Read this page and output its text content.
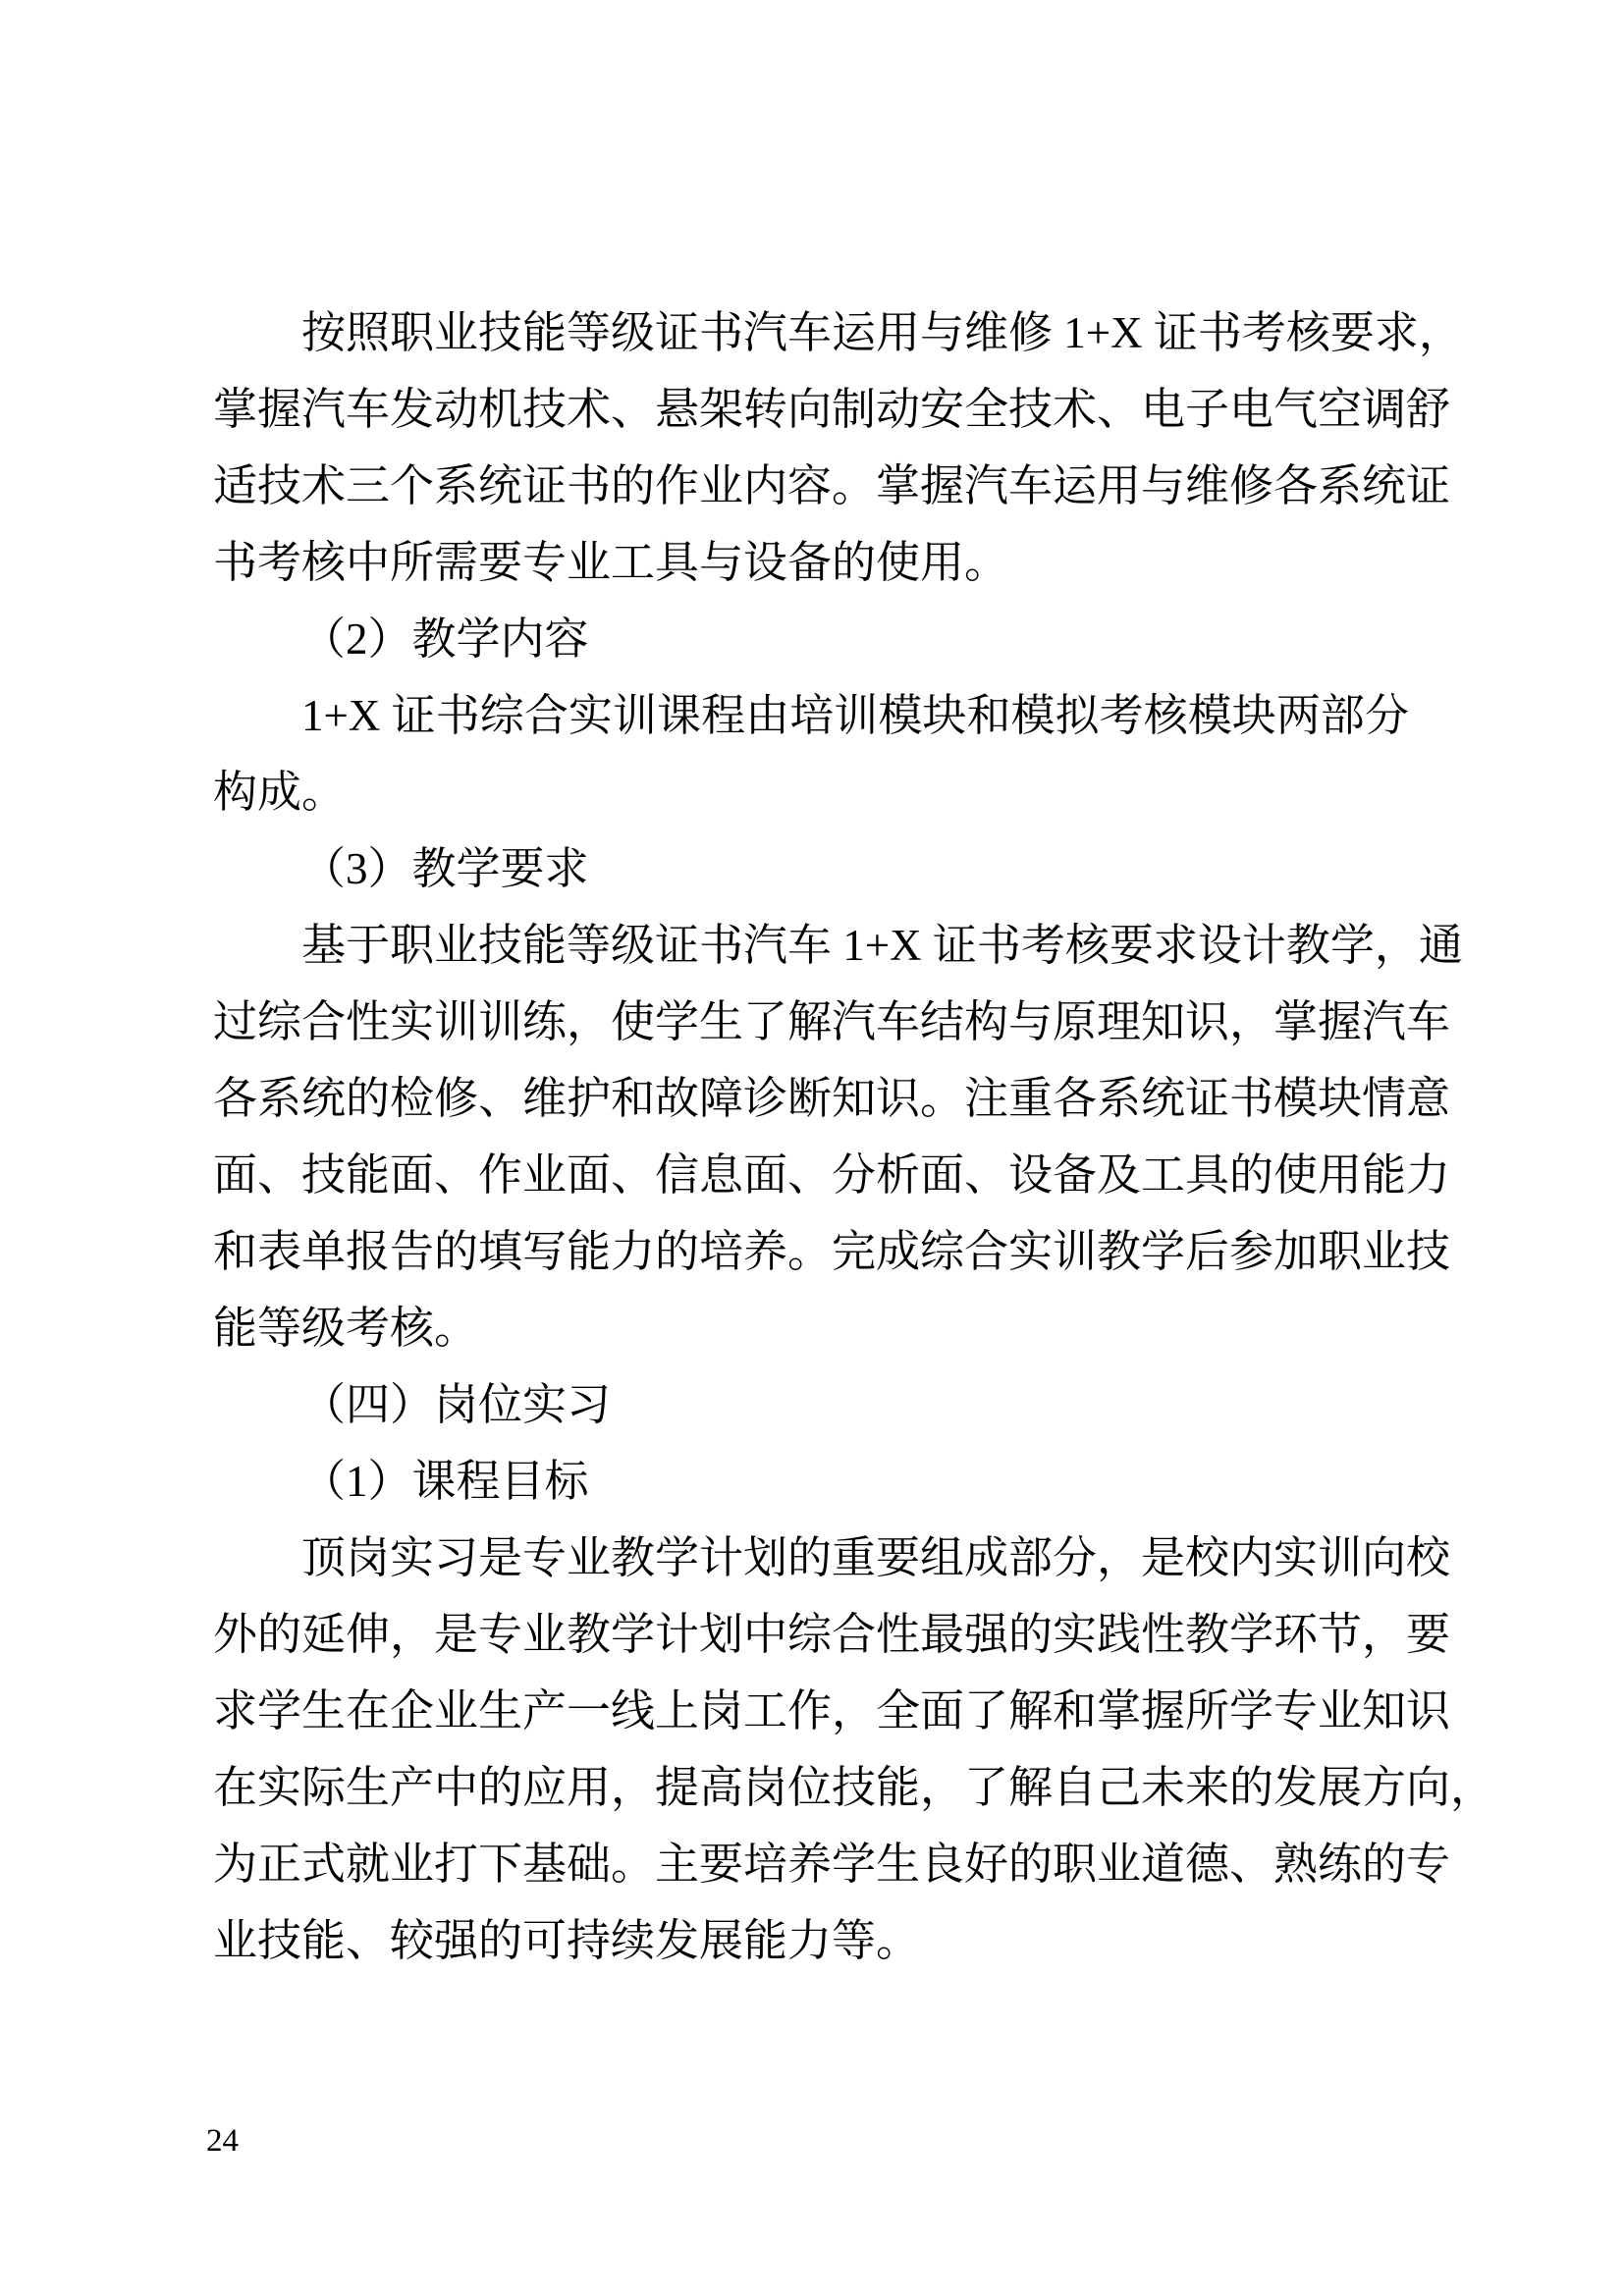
按照职业技能等级证书汽车运用与维修 1+X 证书考核要求，
掌握汽车发动机技术、悬架转向制动安全技术、电子电气空调舒
适技术三个系统证书的作业内容。掌握汽车运用与维修各系统证
书考核中所需要专业工具与设备的使用。
（2）教学内容
1+X 证书综合实训课程由培训模块和模拟考核模块两部分
构成。
（3）教学要求
基于职业技能等级证书汽车 1+X 证书考核要求设计教学，通
过综合性实训训练，使学生了解汽车结构与原理知识，掌握汽车
各系统的检修、维护和故障诊断知识。注重各系统证书模块情意
面、技能面、作业面、信息面、分析面、设备及工具的使用能力
和表单报告的填写能力的培养。完成综合实训教学后参加职业技
能等级考核。
（四）岗位实习
（1）课程目标
顶岗实习是专业教学计划的重要组成部分，是校内实训向校
外的延伸，是专业教学计划中综合性最强的实践性教学环节，要
求学生在企业生产一线上岗工作，全面了解和掌握所学专业知识
在实际生产中的应用，提高岗位技能，了解自己未来的发展方向，
为正式就业打下基础。主要培养学生良好的职业道德、熟练的专
业技能、较强的可持续发展能力等。
24
